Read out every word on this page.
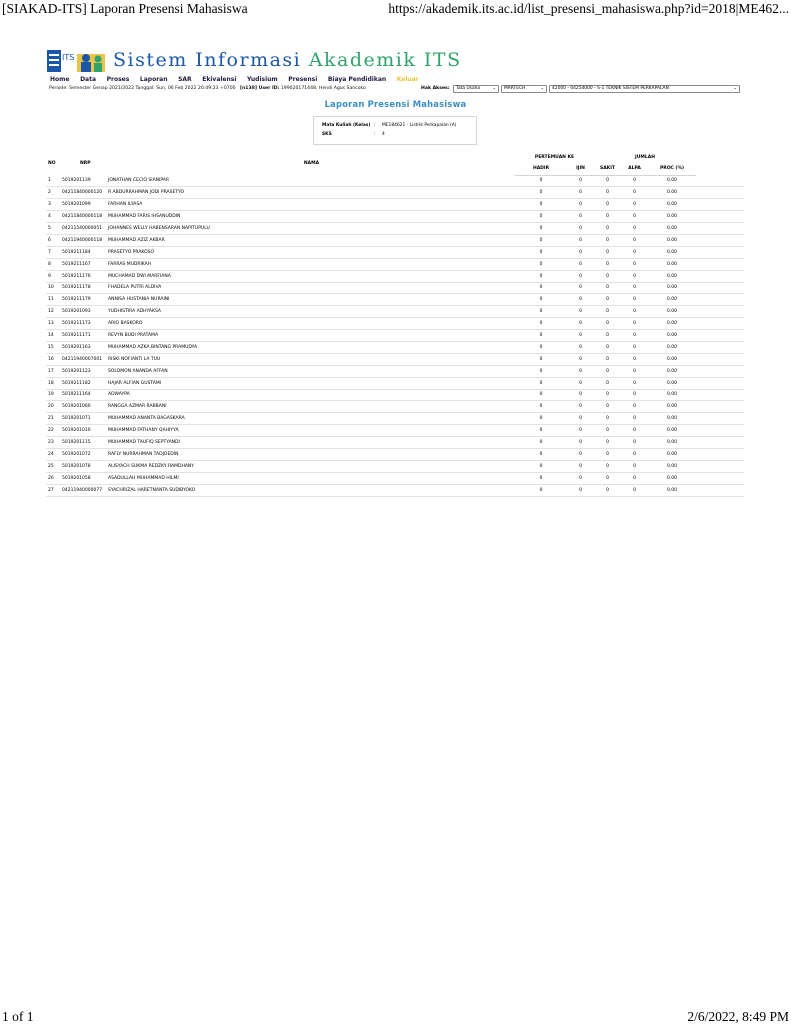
[SIAKAD-ITS] Laporan Presensi Mahasiswa	https://akademik.its.ac.id/list_presensi_mahasiswa.php?id=2018|ME462...
ITS Sistem Informasi Akademik ITS
Home Data Proses Laporan SAR Ekivalensi Yudisium Presensi Biaya Pendidikan Keluar
Periode: Semester Genap 2021/2022 Tanggal: Sun, 06 Feb 2022 20:49:23 +0700 [n138] User ID: 199020171448, Hendi Agus Sancoko	Hak Akses:	Tata Usaha	⌄	MARTECH	⌄	42000 - 04254000 - S-1 TEKNIK SISTEM PERKAPALAN	⌄
Laporan Presensi Mahasiswa
Mata Kuliah (Kelas) : ME184621 - Listrik Perkapalan (A)
SKS	: 4
NO	NRP	NAMA	PERTEMUAN KE		JUMLAH			
			HADIR	IJIN	SAKIT	ALPA	PROC (%)	
1	5019201139	JONATHAN CECIO SIANIPAR	0	0	0	0	0.00	
2	04211840000120	R ABDURRAHMAN JODI PRASETYO	0	0	0	0	0.00	
3	5019201099	FARHAN ILYASA	0	0	0	0	0.00	
4	04211840000118	MUHAMMAD FARIS IHSANUDDIN	0	0	0	0	0.00	
5	04211540000051	JOHANNES WELLY HABENSARAN NAPITUPULU	0	0	0	0	0.00	
6	04211940000118	MUHAMMAD AZIZ AKBAR	0	0	0	0	0.00	
7	5019211184	PRASETYO PRAKOSO	0	0	0	0	0.00	
8	5019211167	FARRAS MUDRIKAH	0	0	0	0	0.00	
9	5019211176	MUCHAMAD DWI MARFIANA	0	0	0	0	0.00	
10	5019211178	FHADELA PUTRI ALDIVA	0	0	0	0	0.00	
11	5019211179	ANNISA HUSTANIA NURAINI	0	0	0	0	0.00	
12	5019201093	YUDHISTIRA ADHYAKSA	0	0	0	0	0.00	
13	5019211173	ARIO BASKORO	0	0	0	0	0.00	
14	5019211171	REVYN BUDI PRATAMA	0	0	0	0	0.00	
15	5019201163	MUHAMMAD AZKA BINTANG PRAMUDYA	0	0	0	0	0.00	
16	04211940007001	RISKI NOFIANTI LA TUU	0	0	0	0	0.00	
17	5019201123	SOLOMON ANANDA AFFAN	0	0	0	0	0.00	
18	5019211182	HAJAR ALFIAN GUSTAMI	0	0	0	0	0.00	
19	5019211164	ADWAYPA	0	0	0	0	0.00	
20	5019201060	RANGGA AZMAR RABBANI	0	0	0	0	0.00	
21	5019201071	MUHAMMAD ANANTA BAGASKARA	0	0	0	0	0.00	
22	5019201010	MUHAMMAD FATHANY QAHIYYA	0	0	0	0	0.00	
23	5019201115	MUHAMMAD TAUFIQ SEPTYANDI	0	0	0	0	0.00	
24	5019201072	RAFLY NURRAHMAN TADJOEDIN	0	0	0	0	0.00	
25	5019201078	ALISYACH SUKMA REDZKY RAMDHANY	0	0	0	0	0.00	
26	5019201058	ASADULLAH MUHAMMAD HILMI	0	0	0	0	0.00	
27	04211940000077	SYACHRIZAL HARETNANTA SUDIBYOKO	0	0	0	0	0.00	
1 of 1	2/6/2022, 8:49 PM
